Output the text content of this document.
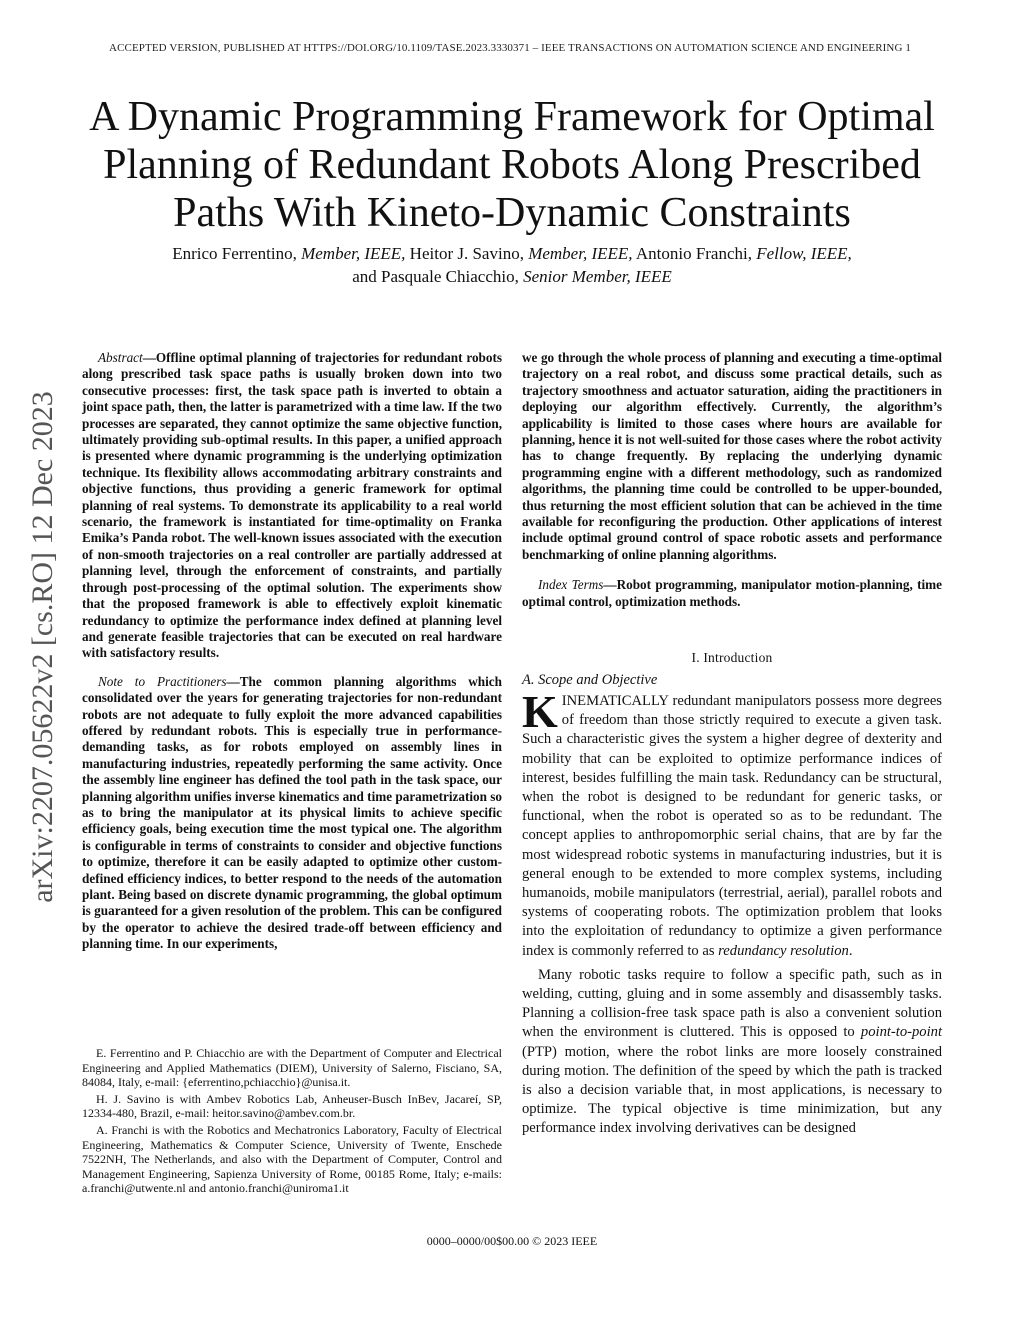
ACCEPTED VERSION, PUBLISHED AT HTTPS://DOI.ORG/10.1109/TASE.2023.3330371 – IEEE TRANSACTIONS ON AUTOMATION SCIENCE AND ENGINEERING 1
arXiv:2207.05622v2 [cs.RO] 12 Dec 2023
A Dynamic Programming Framework for Optimal
Planning of Redundant Robots Along Prescribed
Paths With Kineto-Dynamic Constraints
Enrico Ferrentino, Member, IEEE, Heitor J. Savino, Member, IEEE, Antonio Franchi, Fellow, IEEE,
and Pasquale Chiacchio, Senior Member, IEEE
Abstract—Offline optimal planning of trajectories for redundant robots along prescribed task space paths is usually broken down into two consecutive processes: first, the task space path is inverted to obtain a joint space path, then, the latter is parametrized with a time law. If the two processes are separated, they cannot optimize the same objective function, ultimately providing sub-optimal results. In this paper, a unified approach is presented where dynamic programming is the underlying optimization technique. Its flexibility allows accommodating arbitrary constraints and objective functions, thus providing a generic framework for optimal planning of real systems. To demonstrate its applicability to a real world scenario, the framework is instantiated for time-optimality on Franka Emika’s Panda robot. The well-known issues associated with the execution of non-smooth trajectories on a real controller are partially addressed at planning level, through the enforcement of constraints, and partially through post-processing of the optimal solution. The experiments show that the proposed framework is able to effectively exploit kinematic redundancy to optimize the performance index defined at planning level and generate feasible trajectories that can be executed on real hardware with satisfactory results.
Note to Practitioners—The common planning algorithms which consolidated over the years for generating trajectories for non-redundant robots are not adequate to fully exploit the more advanced capabilities offered by redundant robots. This is especially true in performance-demanding tasks, as for robots employed on assembly lines in manufacturing industries, repeatedly performing the same activity. Once the assembly line engineer has defined the tool path in the task space, our planning algorithm unifies inverse kinematics and time parametrization so as to bring the manipulator at its physical limits to achieve specific efficiency goals, being execution time the most typical one. The algorithm is configurable in terms of constraints to consider and objective functions to optimize, therefore it can be easily adapted to optimize other custom-defined efficiency indices, to better respond to the needs of the automation plant. Being based on discrete dynamic programming, the global optimum is guaranteed for a given resolution of the problem. This can be configured by the operator to achieve the desired trade-off between efficiency and planning time. In our experiments,

E. Ferrentino and P. Chiacchio are with the Department of Computer and Electrical Engineering and Applied Mathematics (DIEM), University of Salerno, Fisciano, SA, 84084, Italy, e-mail: {eferrentino,pchiacchio}@unisa.it.

H. J. Savino is with Ambev Robotics Lab, Anheuser-Busch InBev, Jacareí, SP, 12334-480, Brazil, e-mail: heitor.savino@ambev.com.br.

A. Franchi is with the Robotics and Mechatronics Laboratory, Faculty of Electrical Engineering, Mathematics & Computer Science, University of Twente, Enschede 7522NH, The Netherlands, and also with the Department of Computer, Control and Management Engineering, Sapienza University of Rome, 00185 Rome, Italy; e-mails: a.franchi@utwente.nl and antonio.franchi@uniroma1.it

we go through the whole process of planning and executing a time-optimal trajectory on a real robot, and discuss some practical details, such as trajectory smoothness and actuator saturation, aiding the practitioners in deploying our algorithm effectively. Currently, the algorithm’s applicability is limited to those cases where hours are available for planning, hence it is not well-suited for those cases where the robot activity has to change frequently. By replacing the underlying dynamic programming engine with a different methodology, such as randomized algorithms, the planning time could be controlled to be upper-bounded, thus returning the most efficient solution that can be achieved in the time available for reconfiguring the production. Other applications of interest include optimal ground control of space robotic assets and performance benchmarking of online planning algorithms.
Index Terms—Robot programming, manipulator motion-planning, time optimal control, optimization methods.
I. Introduction
A. Scope and Objective

KINEMATICALLY redundant manipulators possess more degrees of freedom than those strictly required to execute a given task. Such a characteristic gives the system a higher degree of dexterity and mobility that can be exploited to optimize performance indices of interest, besides fulfilling the main task. Redundancy can be structural, when the robot is designed to be redundant for generic tasks, or functional, when the robot is operated so as to be redundant. The concept applies to anthropomorphic serial chains, that are by far the most widespread robotic systems in manufacturing industries, but it is general enough to be extended to more complex systems, including humanoids, mobile manipulators (terrestrial, aerial), parallel robots and systems of cooperating robots. The optimization problem that looks into the exploitation of redundancy to optimize a given performance index is commonly referred to as redundancy resolution.

Many robotic tasks require to follow a specific path, such as in welding, cutting, gluing and in some assembly and disassembly tasks. Planning a collision-free task space path is also a convenient solution when the environment is cluttered. This is opposed to point-to-point (PTP) motion, where the robot links are more loosely constrained during motion. The definition of the speed by which the path is tracked is also a decision variable that, in most applications, is necessary to optimize. The typical objective is time minimization, but any performance index involving derivatives can be designed

0000–0000/00$00.00 © 2023 IEEE
